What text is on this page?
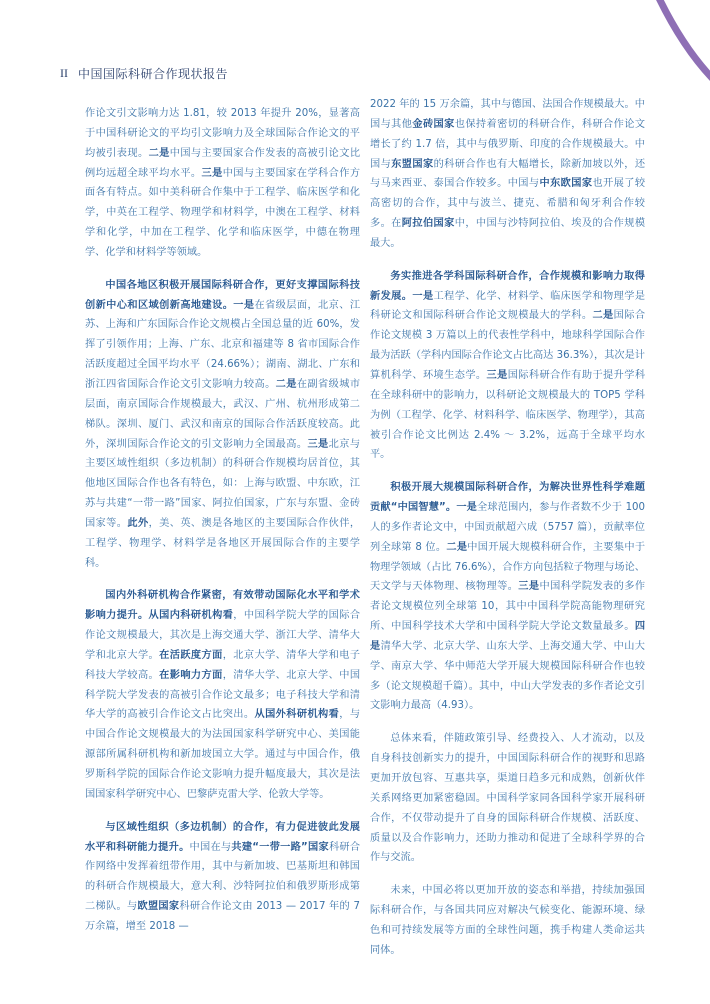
II 中国国际科研合作现状报告

作论文引文影响力达 1.81，较 2013 年提升 20%，显著高于中国科研论文的平均引文影响力及全球国际合作论文的平均被引表现。二是中国与主要国家合作发表的高被引论文比例均远超全球平均水平。三是中国与主要国家在学科合作方面各有特点。如中美科研合作集中于工程学、临床医学和化学，中英在工程学、物理学和材料学，中澳在工程学、材料学和化学，中加在工程学、化学和临床医学，中德在物理学、化学和材料学等领域。

中国各地区积极开展国际科研合作，更好支撑国际科技创新中心和区域创新高地建设。一是在省级层面，北京、江苏、上海和广东国际合作论文规模占全国总量的近 60%，发挥了引领作用；上海、广东、北京和福建等 8 省市国际合作活跃度超过全国平均水平（24.66%）；湖南、湖北、广东和浙江四省国际合作论文引文影响力较高。二是在副省级城市层面，南京国际合作规模最大，武汉、广州、杭州形成第二梯队。深圳、厦门、武汉和南京的国际合作活跃度较高。此外，深圳国际合作论文的引文影响力全国最高。三是北京与主要区域性组织（多边机制）的科研合作规模均居首位，其他地区国际合作也各有特色，如：上海与欧盟、中东欧，江苏与共建“一带一路”国家、阿拉伯国家，广东与东盟、金砖国家等。此外，美、英、澳是各地区的主要国际合作伙伴，工程学、物理学、材料学是各地区开展国际合作的主要学科。

国内外科研机构合作紧密，有效带动国际化水平和学术影响力提升。从国内科研机构看，中国科学院大学的国际合作论文规模最大，其次是上海交通大学、浙江大学、清华大学和北京大学。在活跃度方面，北京大学、清华大学和电子科技大学较高。在影响力方面，清华大学、北京大学、中国科学院大学发表的高被引合作论文最多；电子科技大学和清华大学的高被引合作论文占比突出。从国外科研机构看，与中国合作论文规模最大的为法国国家科学研究中心、美国能源部所属科研机构和新加坡国立大学。通过与中国合作，俄罗斯科学院的国际合作论文影响力提升幅度最大，其次是法国国家科学研究中心、巴黎萨克雷大学、伦敦大学等。

与区域性组织（多边机制）的合作，有力促进彼此发展水平和科研能力提升。中国在与共建“一带一路”国家科研合作网络中发挥着纽带作用，其中与新加坡、巴基斯坦和韩国的科研合作规模最大，意大利、沙特阿拉伯和俄罗斯形成第二梯队。与欧盟国家科研合作论文由 2013 — 2017 年的 7 万余篇，增至 2018 —

2022 年的 15 万余篇，其中与德国、法国合作规模最大。中国与其他金砖国家也保持着密切的科研合作，科研合作论文增长了约 1.7 倍，其中与俄罗斯、印度的合作规模最大。中国与东盟国家的科研合作也有大幅增长，除新加坡以外，还与马来西亚、泰国合作较多。中国与中东欧国家也开展了较高密切的合作，其中与波兰、捷克、希腊和匈牙利合作较多。在阿拉伯国家中，中国与沙特阿拉伯、埃及的合作规模最大。

务实推进各学科国际科研合作，合作规模和影响力取得新发展。一是工程学、化学、材料学、临床医学和物理学是科研论文和国际科研合作论文规模最大的学科。二是国际合作论文规模 3 万篇以上的代表性学科中，地球科学国际合作最为活跃（学科内国际合作论文占比高达 36.3%），其次是计算机科学、环境生态学。三是国际科研合作有助于提升学科在全球科研中的影响力，以科研论文规模最大的 TOP5 学科为例（工程学、化学、材料科学、临床医学、物理学），其高被引合作论文比例达 2.4% ～ 3.2%，远高于全球平均水平。

积极开展大规模国际科研合作，为解决世界性科学难题贡献“中国智慧”。一是全球范围内，参与作者数不少于 100 人的多作者论文中，中国贡献超六成（5757 篇），贡献率位列全球第 8 位。二是中国开展大规模科研合作，主要集中于物理学领域（占比 76.6%），合作方向包括粒子物理与场论、天文学与天体物理、核物理等。三是中国科学院发表的多作者论文规模位列全球第 10，其中中国科学院高能物理研究所、中国科学技术大学和中国科学院大学论文数量最多。四是清华大学、北京大学、山东大学、上海交通大学、中山大学、南京大学、华中师范大学开展大规模国际科研合作也较多（论文规模超千篇）。其中，中山大学发表的多作者论文引文影响力最高（4.93）。

总体来看，伴随政策引导、经费投入、人才流动，以及自身科技创新实力的提升，中国国际科研合作的视野和思路更加开放包容、互惠共享，渠道日趋多元和成熟，创新伙伴关系网络更加紧密稳固。中国科学家同各国科学家开展科研合作，不仅带动提升了自身的国际科研合作规模、活跃度、质量以及合作影响力，还助力推动和促进了全球科学界的合作与交流。

未来，中国必将以更加开放的姿态和举措，持续加强国际科研合作，与各国共同应对解决气候变化、能源环境、绿色和可持续发展等方面的全球性问题，携手构建人类命运共同体。
